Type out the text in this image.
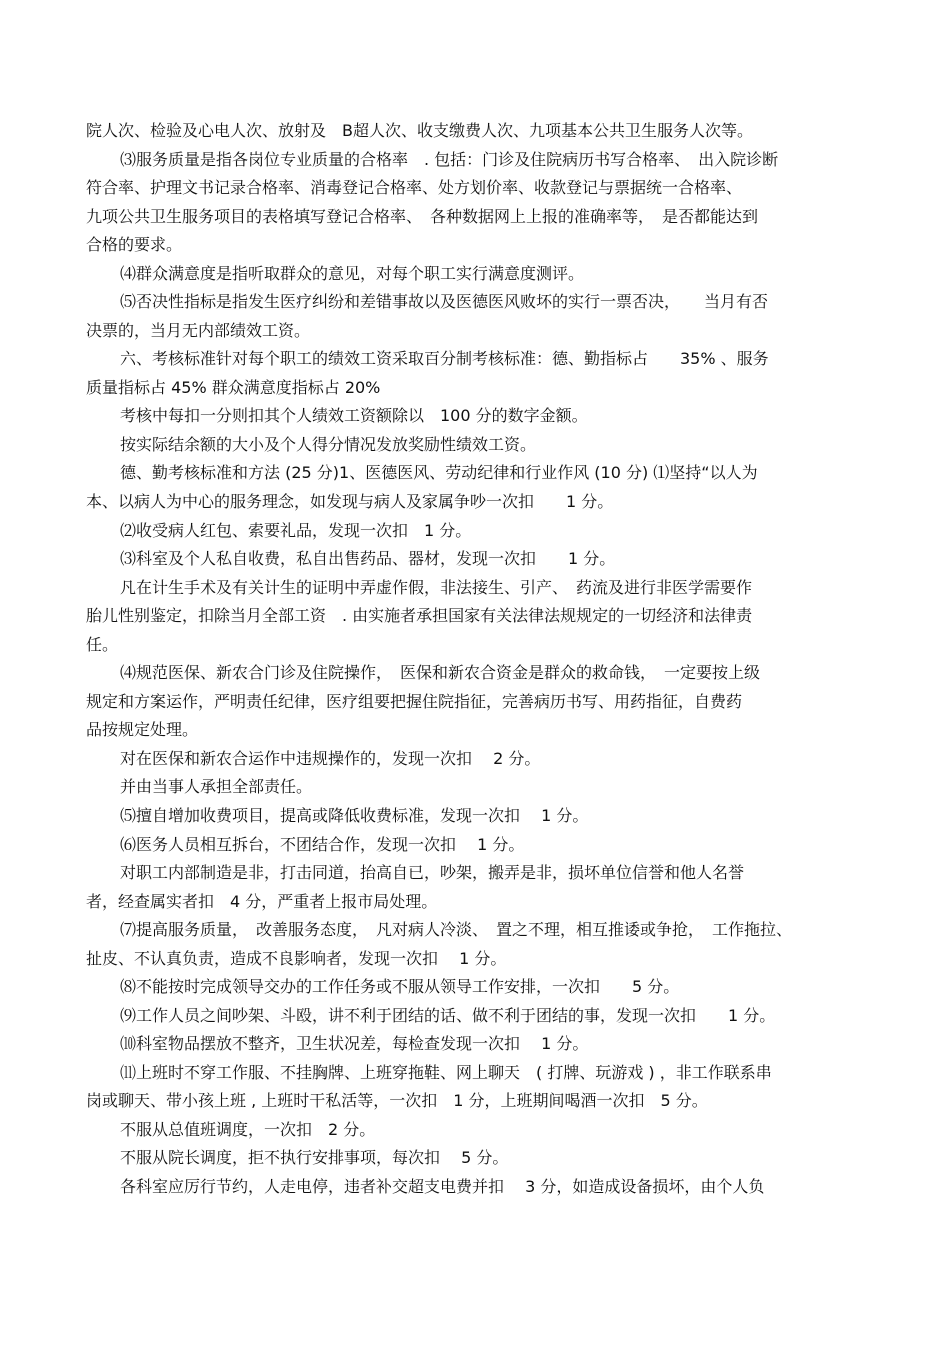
院人次、检验及心电人次、放射及　B超人次、收支缴费人次、九项基本公共卫生服务人次等。
⑶服务质量是指各岗位专业质量的合格率　. 包括：门诊及住院病历书写合格率、　出入院诊断
符合率、护理文书记录合格率、消毒登记合格率、处方划价率、收款登记与票据统一合格率、
九项公共卫生服务项目的表格填写登记合格率、　各种数据网上上报的准确率等，　是否都能达到
合格的要求。
⑷群众满意度是指听取群众的意见，对每个职工实行满意度测评。
⑸否决性指标是指发生医疗纠纷和差错事故以及医德医风败坏的实行一票否决，　　当月有否
决票的，当月无内部绩效工资。
六、考核标准针对每个职工的绩效工资采取百分制考核标准：德、勤指标占　　35% 、服务
质量指标占 45% 群众满意度指标占 20%
考核中每扣一分则扣其个人绩效工资额除以　100 分的数字金额。
按实际结余额的大小及个人得分情况发放奖励性绩效工资。
德、勤考核标准和方法 (25 分)1、医德医风、劳动纪律和行业作风 (10 分) ⑴坚持“以人为
本、以病人为中心的服务理念，如发现与病人及家属争吵一次扣　　1 分。
⑵收受病人红包、索要礼品，发现一次扣　1 分。
⑶科室及个人私自收费，私自出售药品、器材，发现一次扣　　1 分。
凡在计生手术及有关计生的证明中弄虚作假，非法接生、引产、　药流及进行非医学需要作
胎儿性别鉴定，扣除当月全部工资　. 由实施者承担国家有关法律法规规定的一切经济和法律责
任。
⑷规范医保、新农合门诊及住院操作，　医保和新农合资金是群众的救命钱，　一定要按上级
规定和方案运作，严明责任纪律，医疗组要把握住院指征，完善病历书写、用药指征，自费药
品按规定处理。
对在医保和新农合运作中违规操作的，发现一次扣　 2 分。
并由当事人承担全部责任。
⑸擅自增加收费项目，提高或降低收费标准，发现一次扣　 1 分。
⑹医务人员相互拆台，不团结合作，发现一次扣　 1 分。
对职工内部制造是非，打击同道，抬高自已，吵架，搬弄是非，损坏单位信誉和他人名誉
者，经查属实者扣　4 分，严重者上报市局处理。
⑺提高服务质量，　改善服务态度，　凡对病人冷淡、　置之不理，相互推诿或争抢，　工作拖拉、
扯皮、不认真负责，造成不良影响者，发现一次扣　 1 分。
⑻不能按时完成领导交办的工作任务或不服从领导工作安排，一次扣　　5 分。
⑼工作人员之间吵架、斗殴，讲不利于团结的话、做不利于团结的事，发现一次扣　　1 分。
⑽科室物品摆放不整齐，卫生状况差，每检查发现一次扣　 1 分。
⑾上班时不穿工作服、不挂胸牌、上班穿拖鞋、网上聊天　( 打牌、玩游戏 ) ，非工作联系串
岗或聊天、带小孩上班 , 上班时干私活等，一次扣　1 分，上班期间喝酒一次扣　5 分。
不服从总值班调度，一次扣　2 分。
不服从院长调度，拒不执行安排事项，每次扣　 5 分。
各科室应厉行节约，人走电停，违者补交超支电费并扣　 3 分，如造成设备损坏，由个人负
